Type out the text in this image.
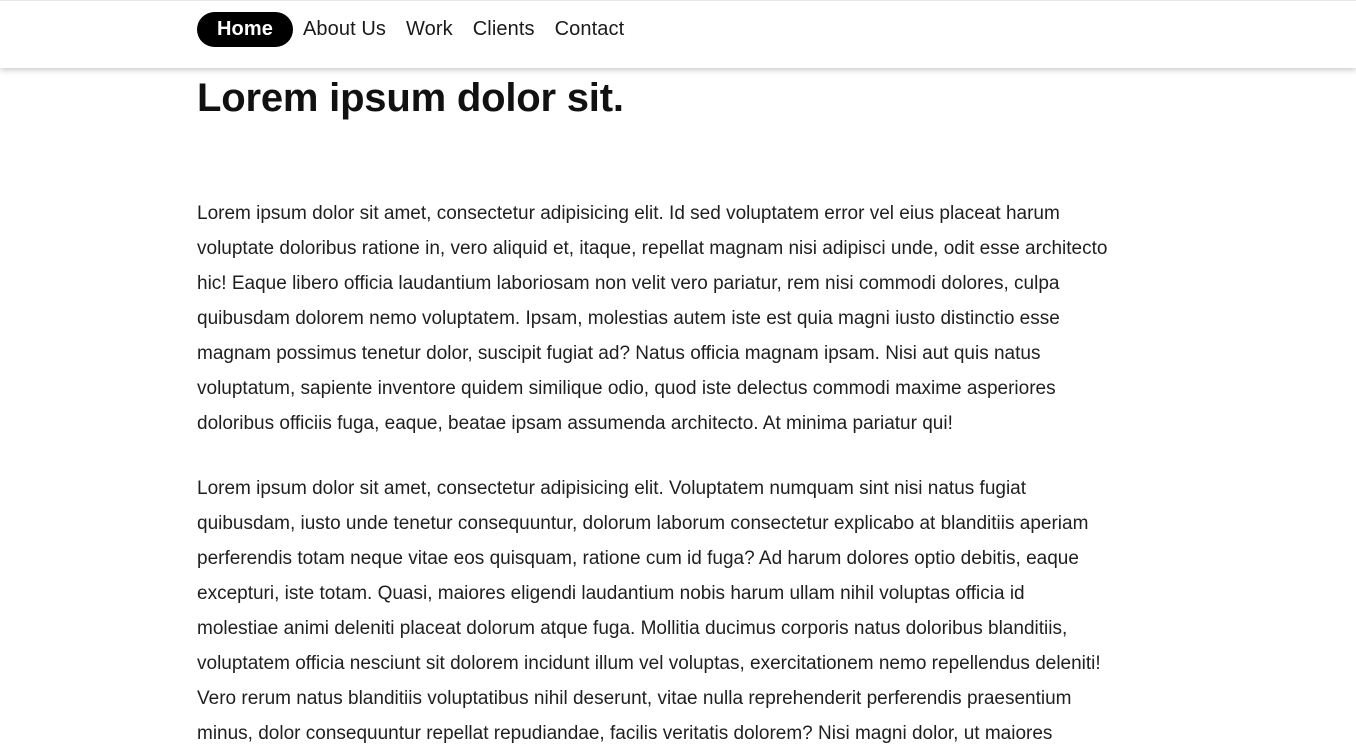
Home	About Us	Work	Clients	Contact
Lorem ipsum dolor sit.

Lorem ipsum dolor sit amet, consectetur adipisicing elit. Id sed voluptatem error vel eius placeat harum
voluptate doloribus ratione in, vero aliquid et, itaque, repellat magnam nisi adipisci unde, odit esse architecto
hic! Eaque libero officia laudantium laboriosam non velit vero pariatur, rem nisi commodi dolores, culpa
quibusdam dolorem nemo voluptatem. Ipsam, molestias autem iste est quia magni iusto distinctio esse
magnam possimus tenetur dolor, suscipit fugiat ad? Natus officia magnam ipsam. Nisi aut quis natus
voluptatum, sapiente inventore quidem similique odio, quod iste delectus commodi maxime asperiores
doloribus officiis fuga, eaque, beatae ipsam assumenda architecto. At minima pariatur qui!

Lorem ipsum dolor sit amet, consectetur adipisicing elit. Voluptatem numquam sint nisi natus fugiat
quibusdam, iusto unde tenetur consequuntur, dolorum laborum consectetur explicabo at blanditiis aperiam
perferendis totam neque vitae eos quisquam, ratione cum id fuga? Ad harum dolores optio debitis, eaque
excepturi, iste totam. Quasi, maiores eligendi laudantium nobis harum ullam nihil voluptas officia id
molestiae animi deleniti placeat dolorum atque fuga. Mollitia ducimus corporis natus doloribus blanditiis,
voluptatem officia nesciunt sit dolorem incidunt illum vel voluptas, exercitationem nemo repellendus deleniti!
Vero rerum natus blanditiis voluptatibus nihil deserunt, vitae nulla reprehenderit perferendis praesentium
minus, dolor consequuntur repellat repudiandae, facilis veritatis dolorem? Nisi magni dolor, ut maiores
